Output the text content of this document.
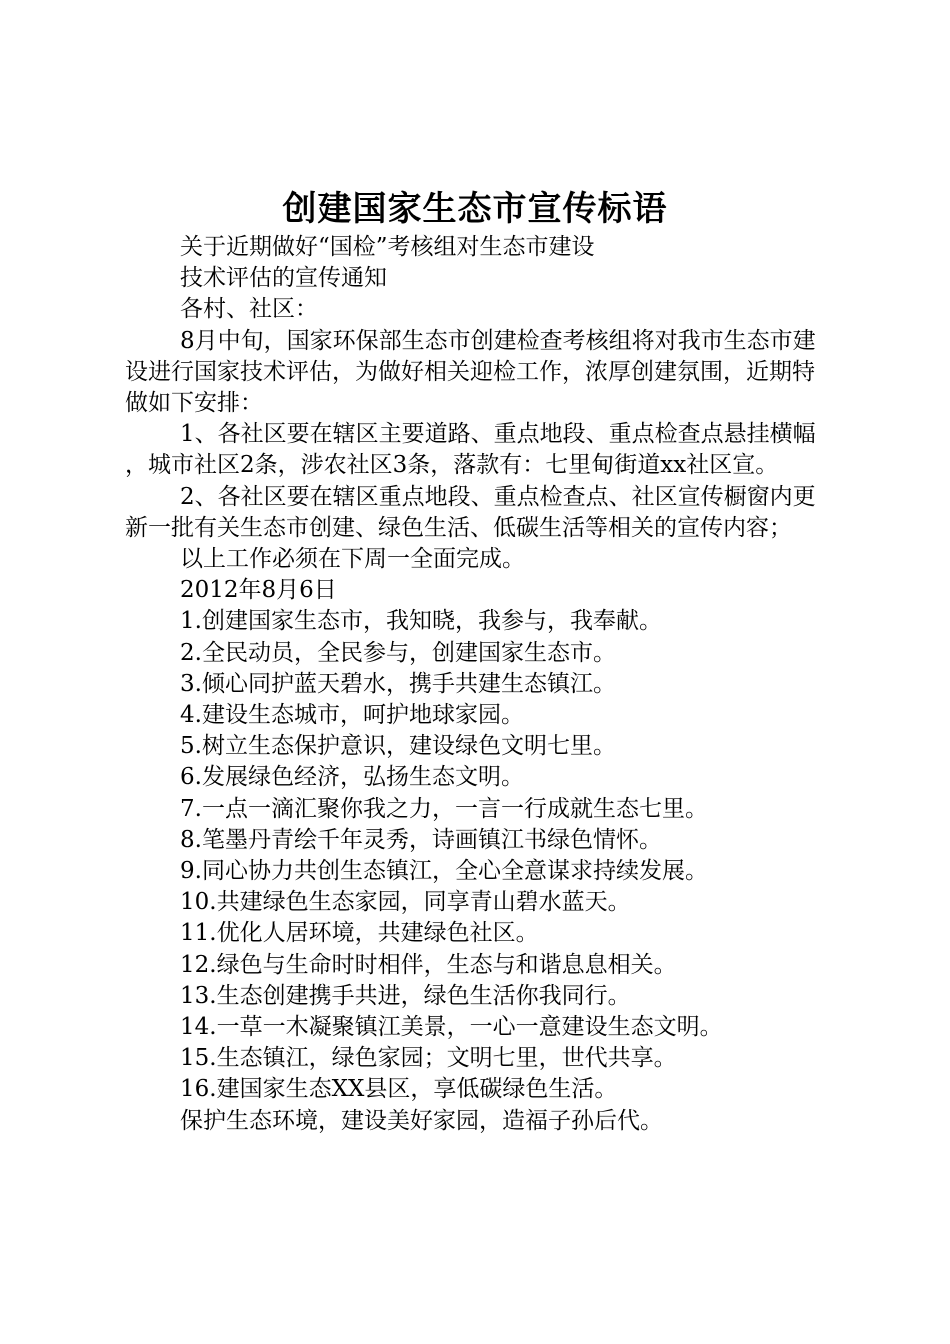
创建国家生态市宣传标语

关于近期做好“国检”考核组对生态市建设

技术评估的宣传通知

各村、社区：

8月中旬，国家环保部生态市创建检查考核组将对我市生态市建设进行国家技术评估，为做好相关迎检工作，浓厚创建氛围，近期特做如下安排：

1、各社区要在辖区主要道路、重点地段、重点检查点悬挂横幅，城市社区2条，涉农社区3条，落款有：七里甸街道xx社区宣。

2、各社区要在辖区重点地段、重点检查点、社区宣传橱窗内更新一批有关生态市创建、绿色生活、低碳生活等相关的宣传内容；

以上工作必须在下周一全面完成。

2012年8月6日

1.创建国家生态市，我知晓，我参与，我奉献。

2.全民动员，全民参与，创建国家生态市。

3.倾心同护蓝天碧水，携手共建生态镇江。

4.建设生态城市，呵护地球家园。

5.树立生态保护意识，建设绿色文明七里。

6.发展绿色经济，弘扬生态文明。

7.一点一滴汇聚你我之力，一言一行成就生态七里。

8.笔墨丹青绘千年灵秀，诗画镇江书绿色情怀。

9.同心协力共创生态镇江，全心全意谋求持续发展。

10.共建绿色生态家园，同享青山碧水蓝天。

11.优化人居环境，共建绿色社区。

12.绿色与生命时时相伴，生态与和谐息息相关。

13.生态创建携手共进，绿色生活你我同行。

14.一草一木凝聚镇江美景，一心一意建设生态文明。

15.生态镇江，绿色家园；文明七里，世代共享。

16.建国家生态XX县区，享低碳绿色生活。

保护生态环境，建设美好家园，造福子孙后代。
